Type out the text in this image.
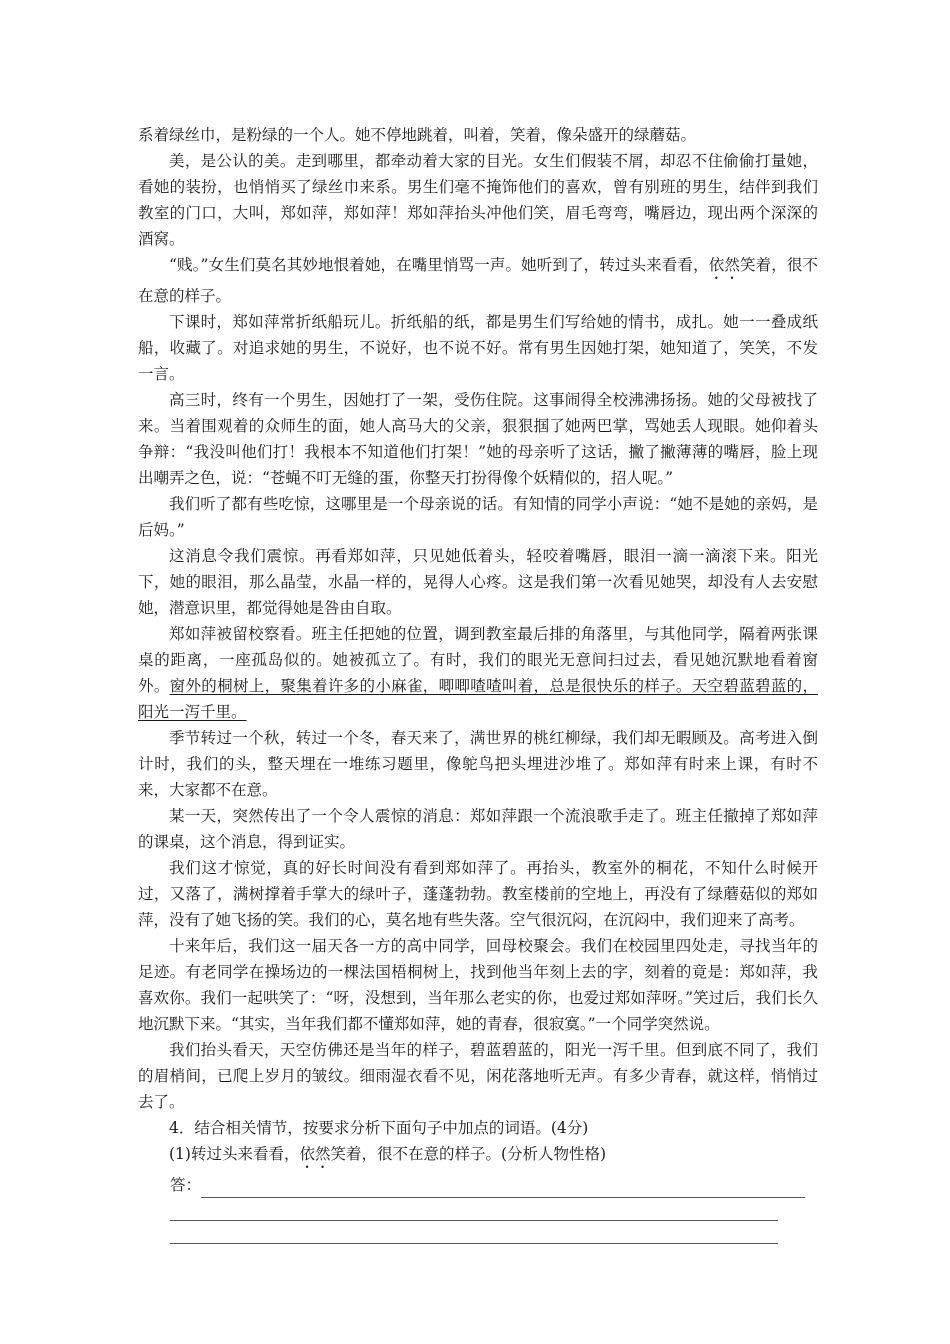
系着绿丝巾，是粉绿的一个人。她不停地跳着，叫着，笑着，像朵盛开的绿蘑菇。

美，是公认的美。走到哪里，都牵动着大家的目光。女生们假装不屑，却忍不住偷偷打量她，看她的装扮，也悄悄买了绿丝巾来系。男生们毫不掩饰他们的喜欢，曾有别班的男生，结伴到我们教室的门口，大叫，郑如萍，郑如萍！郑如萍抬头冲他们笑，眉毛弯弯，嘴唇边，现出两个深深的酒窝。

“贱。”女生们莫名其妙地恨着她，在嘴里悄骂一声。她听到了，转过头来看看，依然笑着，很不在意的样子。

下课时，郑如萍常折纸船玩儿。折纸船的纸，都是男生们写给她的情书，成扎。她一一叠成纸船，收藏了。对追求她的男生，不说好，也不说不好。常有男生因她打架，她知道了，笑笑，不发一言。

高三时，终有一个男生，因她打了一架，受伤住院。这事闹得全校沸沸扬扬。她的父母被找了来。当着围观着的众师生的面，她人高马大的父亲，狠狠掴了她两巴掌，骂她丢人现眼。她仰着头争辩：“我没叫他们打！我根本不知道他们打架！”她的母亲听了这话，撇了撇薄薄的嘴唇，脸上现出嘲弄之色，说：“苍蝇不叮无缝的蛋，你整天打扮得像个妖精似的，招人呢。”

我们听了都有些吃惊，这哪里是一个母亲说的话。有知情的同学小声说：“她不是她的亲妈，是后妈。”

这消息令我们震惊。再看郑如萍，只见她低着头，轻咬着嘴唇，眼泪一滴一滴滚下来。阳光下，她的眼泪，那么晶莹，水晶一样的，晃得人心疼。这是我们第一次看见她哭，却没有人去安慰她，潜意识里，都觉得她是咎由自取。

郑如萍被留校察看。班主任把她的位置，调到教室最后排的角落里，与其他同学，隔着两张课桌的距离，一座孤岛似的。她被孤立了。有时，我们的眼光无意间扫过去，看见她沉默地看着窗外。窗外的桐树上，聚集着许多的小麻雀，唧唧喳喳叫着，总是很快乐的样子。天空碧蓝碧蓝的，阳光一泻千里。

季节转过一个秋，转过一个冬，春天来了，满世界的桃红柳绿，我们却无暇顾及。高考进入倒计时，我们的头，整天埋在一堆练习题里，像鸵鸟把头埋进沙堆了。郑如萍有时来上课，有时不来，大家都不在意。

某一天，突然传出了一个令人震惊的消息：郑如萍跟一个流浪歌手走了。班主任撤掉了郑如萍的课桌，这个消息，得到证实。

我们这才惊觉，真的好长时间没有看到郑如萍了。再抬头，教室外的桐花，不知什么时候开过，又落了，满树撑着手掌大的绿叶子，蓬蓬勃勃。教室楼前的空地上，再没有了绿蘑菇似的郑如萍，没有了她飞扬的笑。我们的心，莫名地有些失落。空气很沉闷，在沉闷中，我们迎来了高考。

十来年后，我们这一届天各一方的高中同学，回母校聚会。我们在校园里四处走，寻找当年的足迹。有老同学在操场边的一棵法国梧桐树上，找到他当年刻上去的字，刻着的竟是：郑如萍，我喜欢你。我们一起哄笑了：“呀，没想到，当年那么老实的你，也爱过郑如萍呀。”笑过后，我们长久地沉默下来。“其实，当年我们都不懂郑如萍，她的青春，很寂寞。”一个同学突然说。

我们抬头看天，天空仿佛还是当年的样子，碧蓝碧蓝的，阳光一泻千里。但到底不同了，我们的眉梢间，已爬上岁月的皱纹。细雨湿衣看不见，闲花落地听无声。有多少青春，就这样，悄悄过去了。

4．结合相关情节，按要求分析下面句子中加点的词语。(4分)

(1)转过头来看看，依然笑着，很不在意的样子。(分析人物性格)

答：
